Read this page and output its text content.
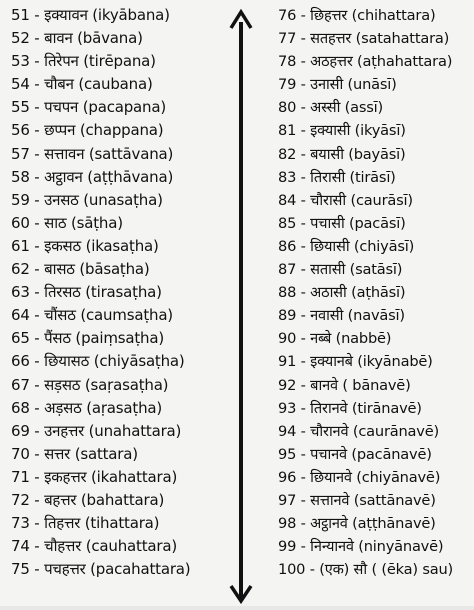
51 - इक्यावन (ikyābana)
52 - बावन (bāvana)
53 - तिरेपन (tirēpana)
54 - चौबन (caubana)
55 - पचपन (pacapana)
56 - छप्पन (chappana)
57 - सत्तावन (sattāvana)
58 - अट्ठावन (aṭṭhāvana)
59 - उनसठ (unasaṭha)
60 - साठ (sāṭha)
61 - इकसठ (ikasaṭha)
62 - बासठ (bāsaṭha)
63 - तिरसठ (tirasaṭha)
64 - चौंसठ (caumsaṭha)
65 - पैंसठ (paiṃsaṭha)
66 - छियासठ (chiyāsaṭha)
67 - सड़सठ (saṛasaṭha)
68 - अड़सठ (aṛasaṭha)
69 - उनहत्तर (unahattara)
70 - सत्तर (sattara)
71 - इकहत्तर (ikahattara)
72 - बहत्तर (bahattara)
73 - तिहत्तर (tihattara)
74 - चौहत्तर (cauhattara)
75 - पचहत्तर (pacahattara)
76 - छिहत्तर (chihattara)
77 - सतहत्तर (satahattara)
78 - अठहत्तर (aṭhahattara)
79 - उनासी (unāsī)
80 - अस्सी (assī)
81 - इक्यासी (ikyāsī)
82 - बयासी (bayāsī)
83 - तिरासी (tirāsī)
84 - चौरासी (caurāsī)
85 - पचासी (pacāsī)
86 - छियासी (chiyāsī)
87 - सतासी (satāsī)
88 - अठासी (aṭhāsī)
89 - नवासी (navāsī)
90 - नब्बे (nabbē)
91 - इक्यानबे (ikyānabē)
92 - बानवे ( bānavē)
93 - तिरानवे (tirānavē)
94 - चौरानवे (caurānavē)
95 - पचानवे (pacānavē)
96 - छियानवे (chiyānavē)
97 - सत्तानवे (sattānavē)
98 - अट्ठानवे (aṭṭhānavē)
99 - निन्यानवे (ninyānavē)
100 - (एक) सौ ( (ēka) sau)
